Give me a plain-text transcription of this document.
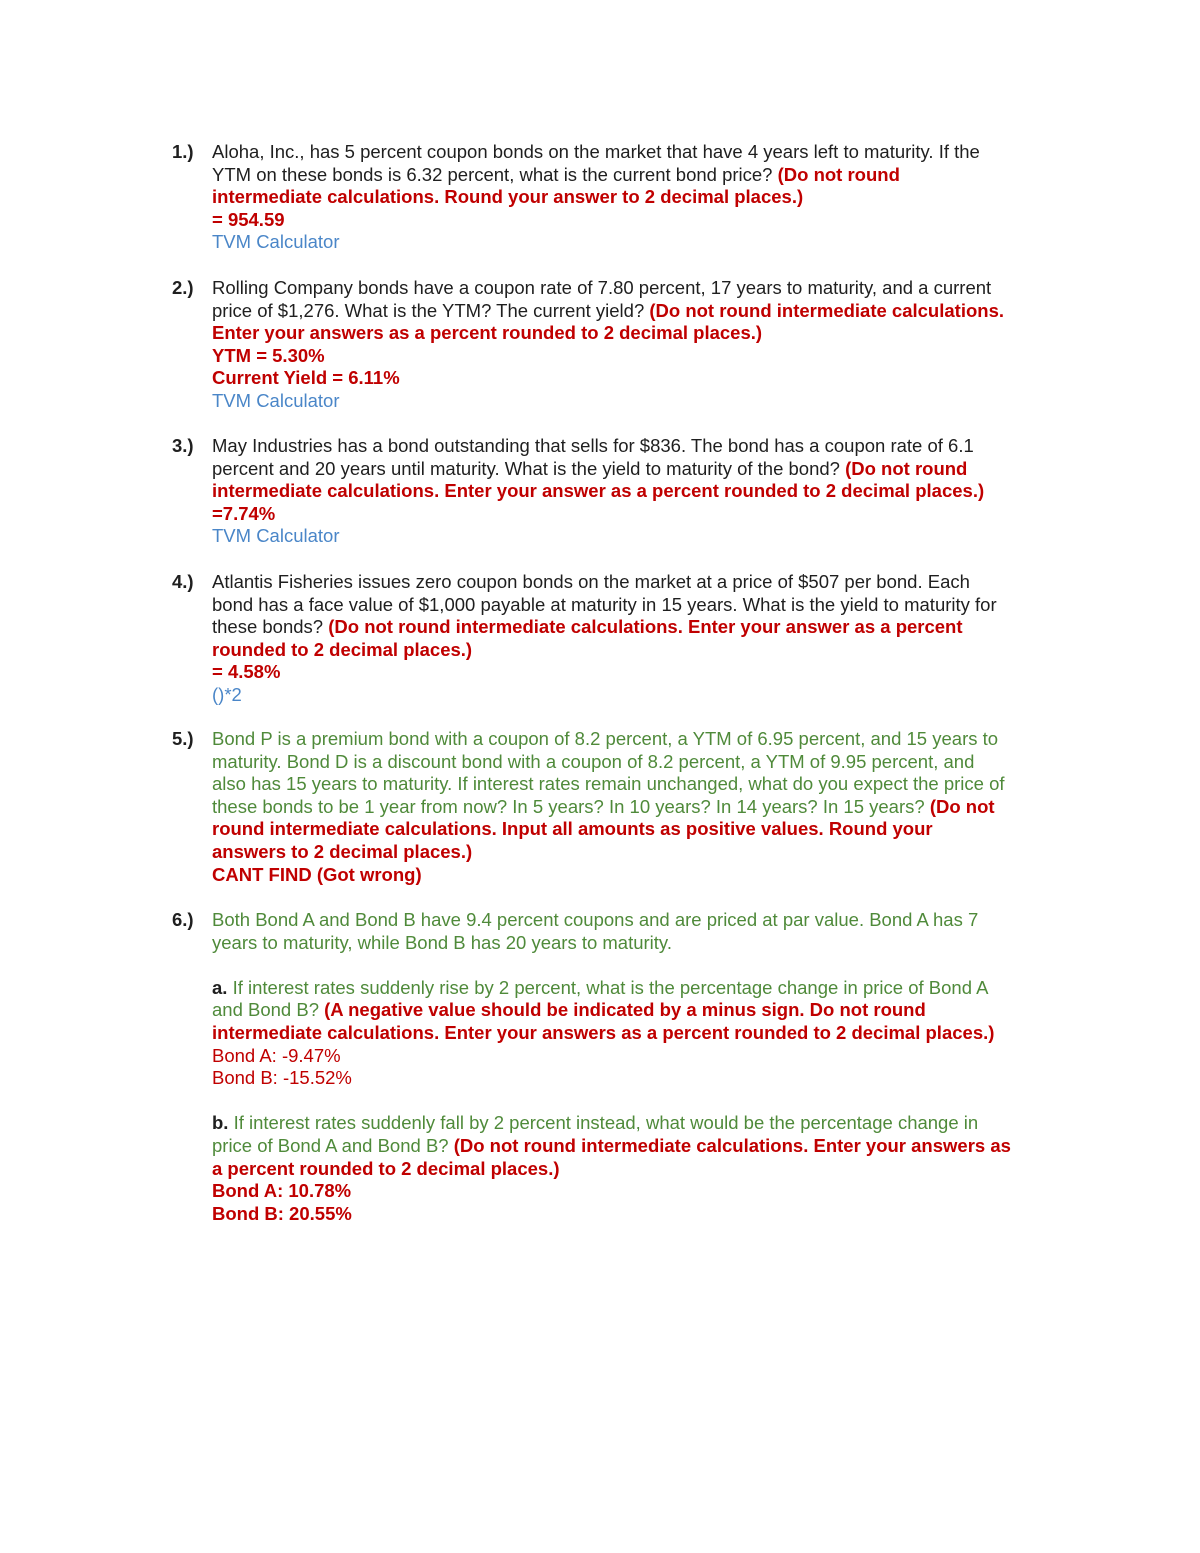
1.) Aloha, Inc., has 5 percent coupon bonds on the market that have 4 years left to maturity. If the
YTM on these bonds is 6.32 percent, what is the current bond price? (Do not round
intermediate calculations. Round your answer to 2 decimal places.)
= 954.59
TVM Calculator
2.) Rolling Company bonds have a coupon rate of 7.80 percent, 17 years to maturity, and a current
price of $1,276. What is the YTM? The current yield? (Do not round intermediate calculations.
Enter your answers as a percent rounded to 2 decimal places.)
YTM = 5.30%
Current Yield = 6.11%
TVM Calculator
3.) May Industries has a bond outstanding that sells for $836. The bond has a coupon rate of 6.1
percent and 20 years until maturity. What is the yield to maturity of the bond? (Do not round
intermediate calculations. Enter your answer as a percent rounded to 2 decimal places.)
=7.74%
TVM Calculator
4.) Atlantis Fisheries issues zero coupon bonds on the market at a price of $507 per bond. Each
bond has a face value of $1,000 payable at maturity in 15 years. What is the yield to maturity for
these bonds? (Do not round intermediate calculations. Enter your answer as a percent
rounded to 2 decimal places.)
= 4.58%
()*2
5.) Bond P is a premium bond with a coupon of 8.2 percent, a YTM of 6.95 percent, and 15 years to
maturity. Bond D is a discount bond with a coupon of 8.2 percent, a YTM of 9.95 percent, and
also has 15 years to maturity. If interest rates remain unchanged, what do you expect the price of
these bonds to be 1 year from now? In 5 years? In 10 years? In 14 years? In 15 years? (Do not
round intermediate calculations. Input all amounts as positive values. Round your
answers to 2 decimal places.)
CANT FIND (Got wrong)
6.) Both Bond A and Bond B have 9.4 percent coupons and are priced at par value. Bond A has 7
years to maturity, while Bond B has 20 years to maturity.
a. If interest rates suddenly rise by 2 percent, what is the percentage change in price of Bond A
and Bond B? (A negative value should be indicated by a minus sign. Do not round
intermediate calculations. Enter your answers as a percent rounded to 2 decimal places.)
Bond A: -9.47%
Bond B: -15.52%
b. If interest rates suddenly fall by 2 percent instead, what would be the percentage change in
price of Bond A and Bond B? (Do not round intermediate calculations. Enter your answers as
a percent rounded to 2 decimal places.)
Bond A: 10.78%
Bond B: 20.55%
